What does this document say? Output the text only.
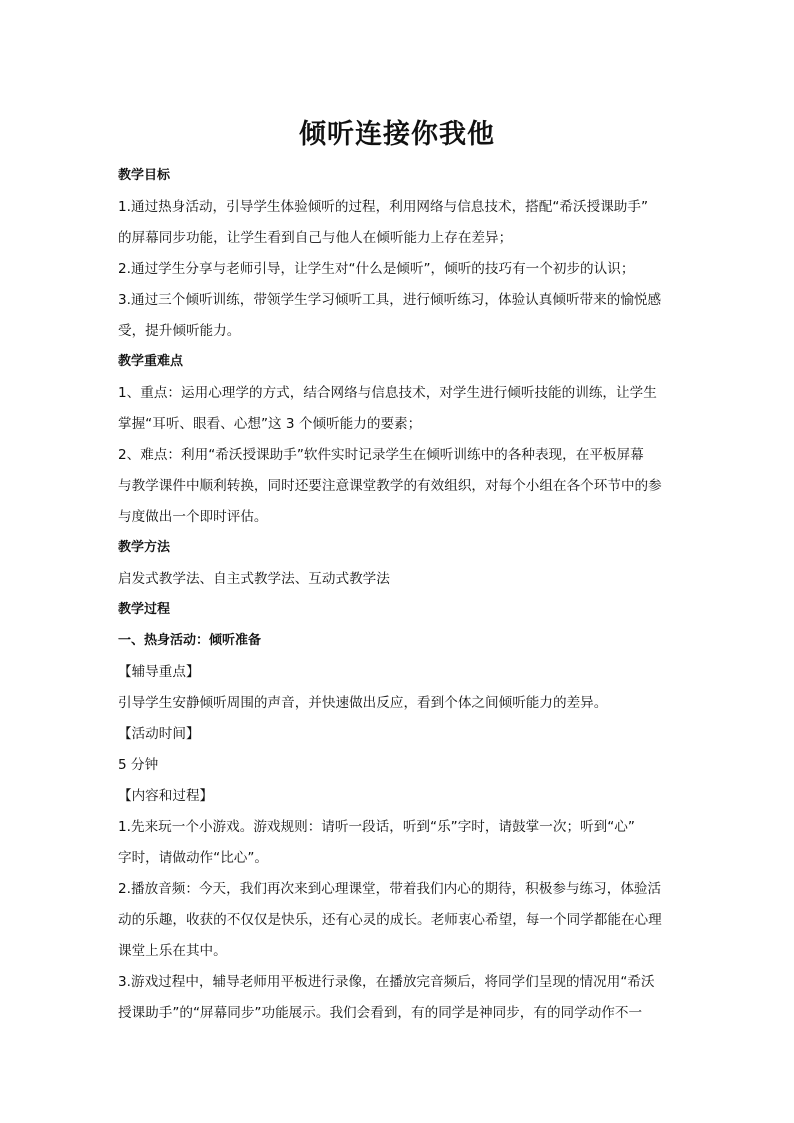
倾听连接你我他

教学目标

1.通过热身活动，引导学生体验倾听的过程，利用网络与信息技术，搭配“希沃授课助手”

的屏幕同步功能，让学生看到自己与他人在倾听能力上存在差异；

2.通过学生分享与老师引导，让学生对“什么是倾听”，倾听的技巧有一个初步的认识；

3.通过三个倾听训练，带领学生学习倾听工具，进行倾听练习，体验认真倾听带来的愉悦感

受，提升倾听能力。

教学重难点

1、重点：运用心理学的方式，结合网络与信息技术，对学生进行倾听技能的训练，让学生

掌握“耳听、眼看、心想”这 3 个倾听能力的要素；

2、难点：利用“希沃授课助手”软件实时记录学生在倾听训练中的各种表现，在平板屏幕

与教学课件中顺利转换，同时还要注意课堂教学的有效组织，对每个小组在各个环节中的参

与度做出一个即时评估。

教学方法

启发式教学法、自主式教学法、互动式教学法

教学过程

一、热身活动：倾听准备

【辅导重点】

引导学生安静倾听周围的声音，并快速做出反应，看到个体之间倾听能力的差异。

【活动时间】

5 分钟

【内容和过程】

1.先来玩一个小游戏。游戏规则：请听一段话，听到“乐”字时，请鼓掌一次；听到“心”

字时，请做动作“比心”。

2.播放音频：今天，我们再次来到心理课堂，带着我们内心的期待，积极参与练习，体验活

动的乐趣，收获的不仅仅是快乐，还有心灵的成长。老师衷心希望，每一个同学都能在心理

课堂上乐在其中。

3.游戏过程中，辅导老师用平板进行录像，在播放完音频后，将同学们呈现的情况用“希沃

授课助手”的“屏幕同步”功能展示。我们会看到，有的同学是神同步，有的同学动作不一
